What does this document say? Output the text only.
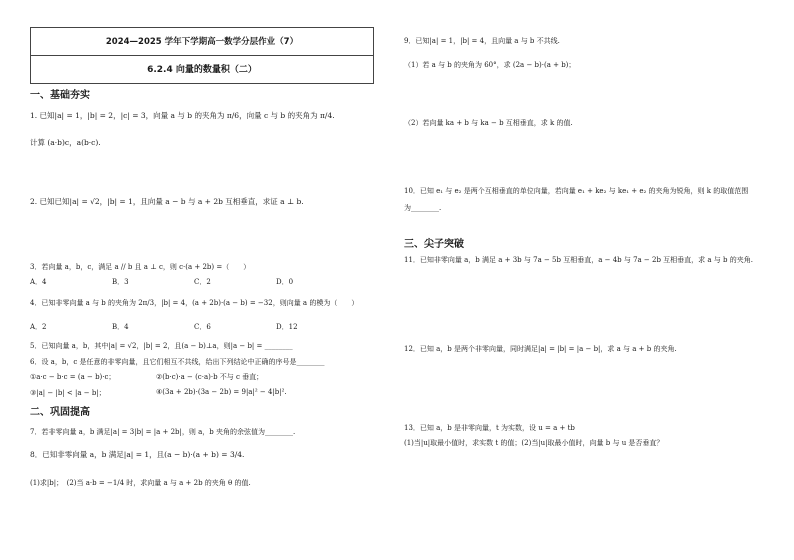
2024—2025 学年下学期高一数学分层作业（7）
6.2.4 向量的数量积（二）
一、基础夯实
1. 已知|a| = 1，|b| = 2，|c| = 3，向量 a 与 b 的夹角为 π/6，向量 c 与 b 的夹角为 π/4.
计算 (a·b)c，a(b·c).
2. 已知已知|a| = √2，|b| = 1，且向量 a − b 与 a + 2b 互相垂直，求证 a ⊥ b.
3．若向量 a，b，c，满足 a // b 且 a ⊥ c，则 c·(a + 2b) =（　　）
A．4	B．3	C．2	D．0
4．已知非零向量 a 与 b 的夹角为 2π/3，|b| = 4，(a + 2b)·(a − b) = −32，则向量 a 的模为（　　）
A．2	B．4	C．6	D．12
5．已知向量 a，b，其中|a| = √2，|b| = 2，且(a − b)⊥a，则|a − b| = ________
6．设 a，b，c 是任意的非零向量，且它们相互不共线，给出下列结论中正确的序号是________
①a·c − b·c = (a − b)·c；	②(b·c)·a − (c·a)·b 不与 c 垂直；
③|a| − |b| < |a − b|；	④(3a + 2b)·(3a − 2b) = 9|a|² − 4|b|².
二、巩固提高
7．若非零向量 a，b 满足|a| = 3|b| = |a + 2b|，则 a，b 夹角的余弦值为________.
8．已知非零向量 a，b 满足|a| = 1，且(a − b)·(a + b) = 3/4.
(1)求|b|；　(2)当 a·b = −1/4 时，求向量 a 与 a + 2b 的夹角 θ 的值.
9．已知|a| = 1，|b| = 4，且向量 a 与 b 不共线.
（1）若 a 与 b 的夹角为 60°，求 (2a − b)·(a + b)；
（2）若向量 ka + b 与 ka − b 互相垂直，求 k 的值.
10．已知 e₁ 与 e₂ 是两个互相垂直的单位向量，若向量 e₁ + ke₂ 与 ke₁ + e₂ 的夹角为锐角，则 k 的取值范围
为________.
三、尖子突破
11．已知非零向量 a，b 满足 a + 3b 与 7a − 5b 互相垂直，a − 4b 与 7a − 2b 互相垂直，求 a 与 b 的夹角.
12．已知 a，b 是两个非零向量，同时满足|a| = |b| = |a − b|，求 a 与 a + b 的夹角.
13．已知 a，b 是非零向量，t 为实数，设 u = a + tb
(1)当|u|取最小值时，求实数 t 的值；(2)当|u|取最小值时，向量 b 与 u 是否垂直？
